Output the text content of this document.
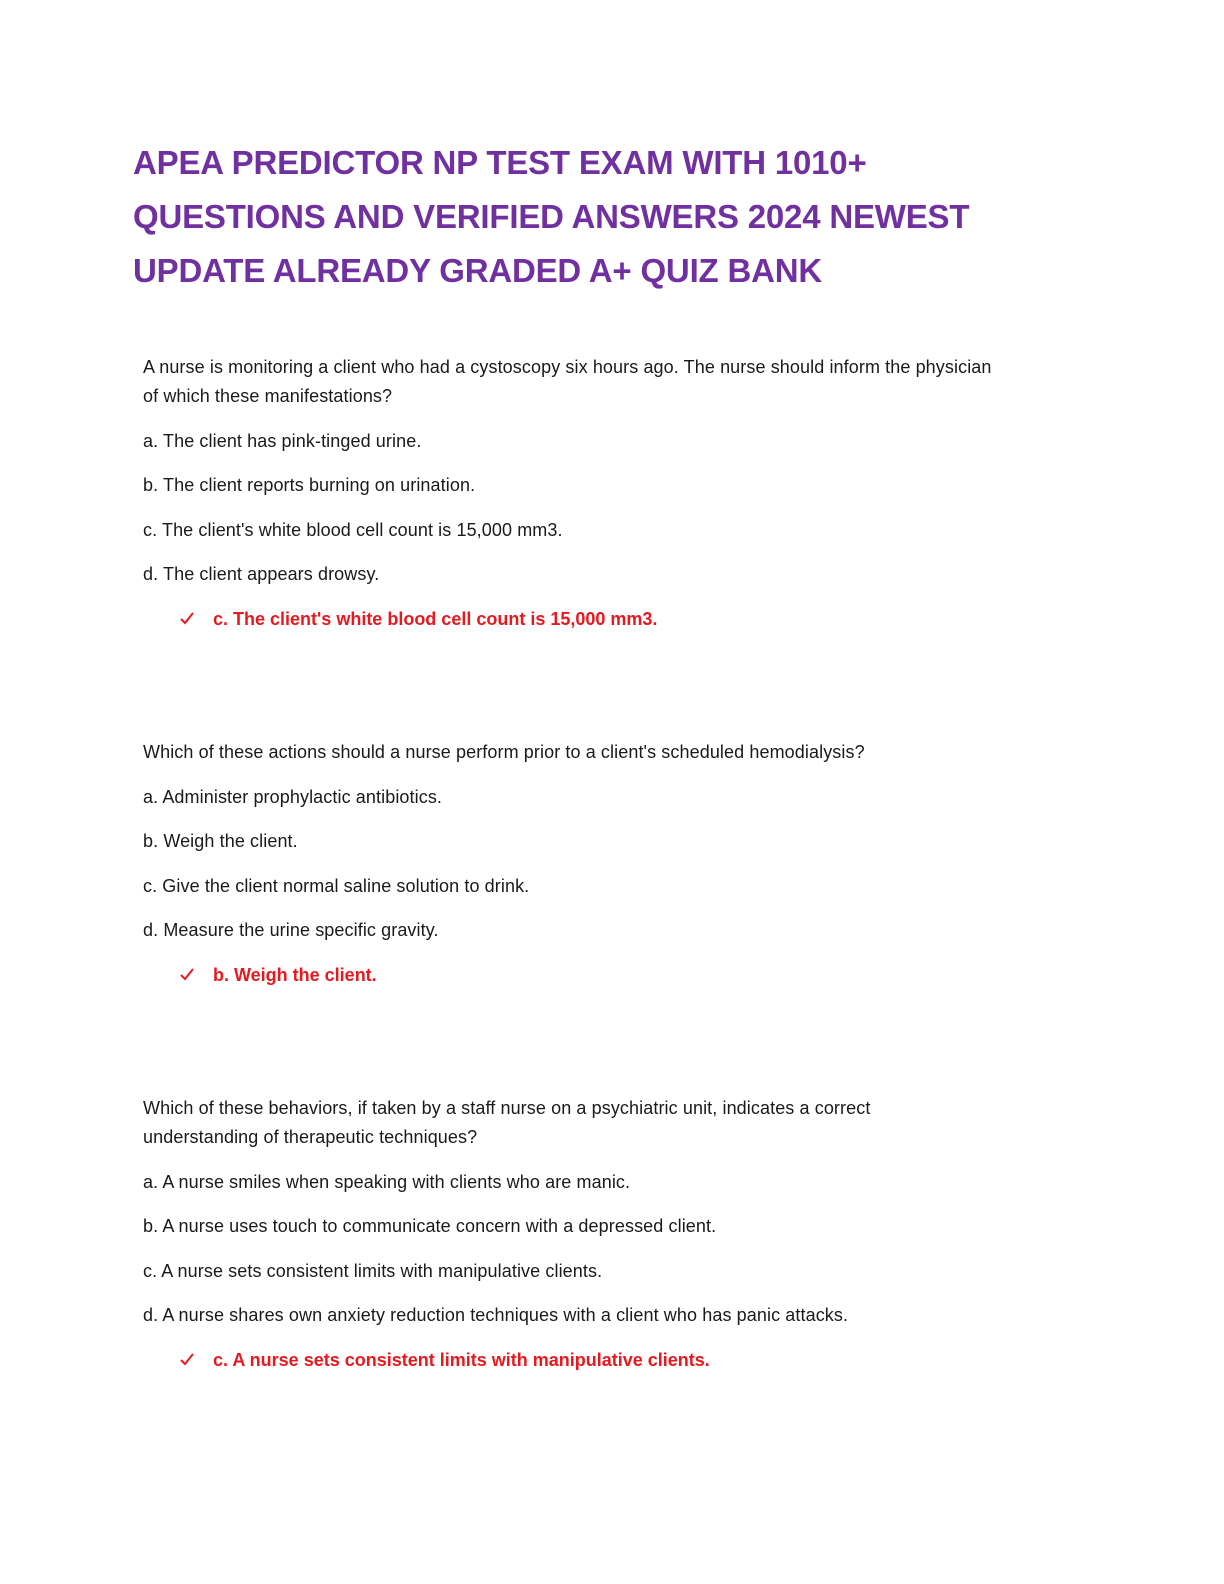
APEA PREDICTOR NP TEST EXAM WITH 1010+
QUESTIONS AND VERIFIED ANSWERS 2024 NEWEST
UPDATE ALREADY GRADED A+ QUIZ BANK

A nurse is monitoring a client who had a cystoscopy six hours ago. The nurse should inform the physician
of which these manifestations?

a. The client has pink-tinged urine.

b. The client reports burning on urination.

c. The client's white blood cell count is 15,000 mm3.

d. The client appears drowsy.

c. The client's white blood cell count is 15,000 mm3.

Which of these actions should a nurse perform prior to a client's scheduled hemodialysis?

a. Administer prophylactic antibiotics.

b. Weigh the client.

c. Give the client normal saline solution to drink.

d. Measure the urine specific gravity.

b. Weigh the client.

Which of these behaviors, if taken by a staff nurse on a psychiatric unit, indicates a correct
understanding of therapeutic techniques?

a. A nurse smiles when speaking with clients who are manic.

b. A nurse uses touch to communicate concern with a depressed client.

c. A nurse sets consistent limits with manipulative clients.

d. A nurse shares own anxiety reduction techniques with a client who has panic attacks.

c. A nurse sets consistent limits with manipulative clients.
